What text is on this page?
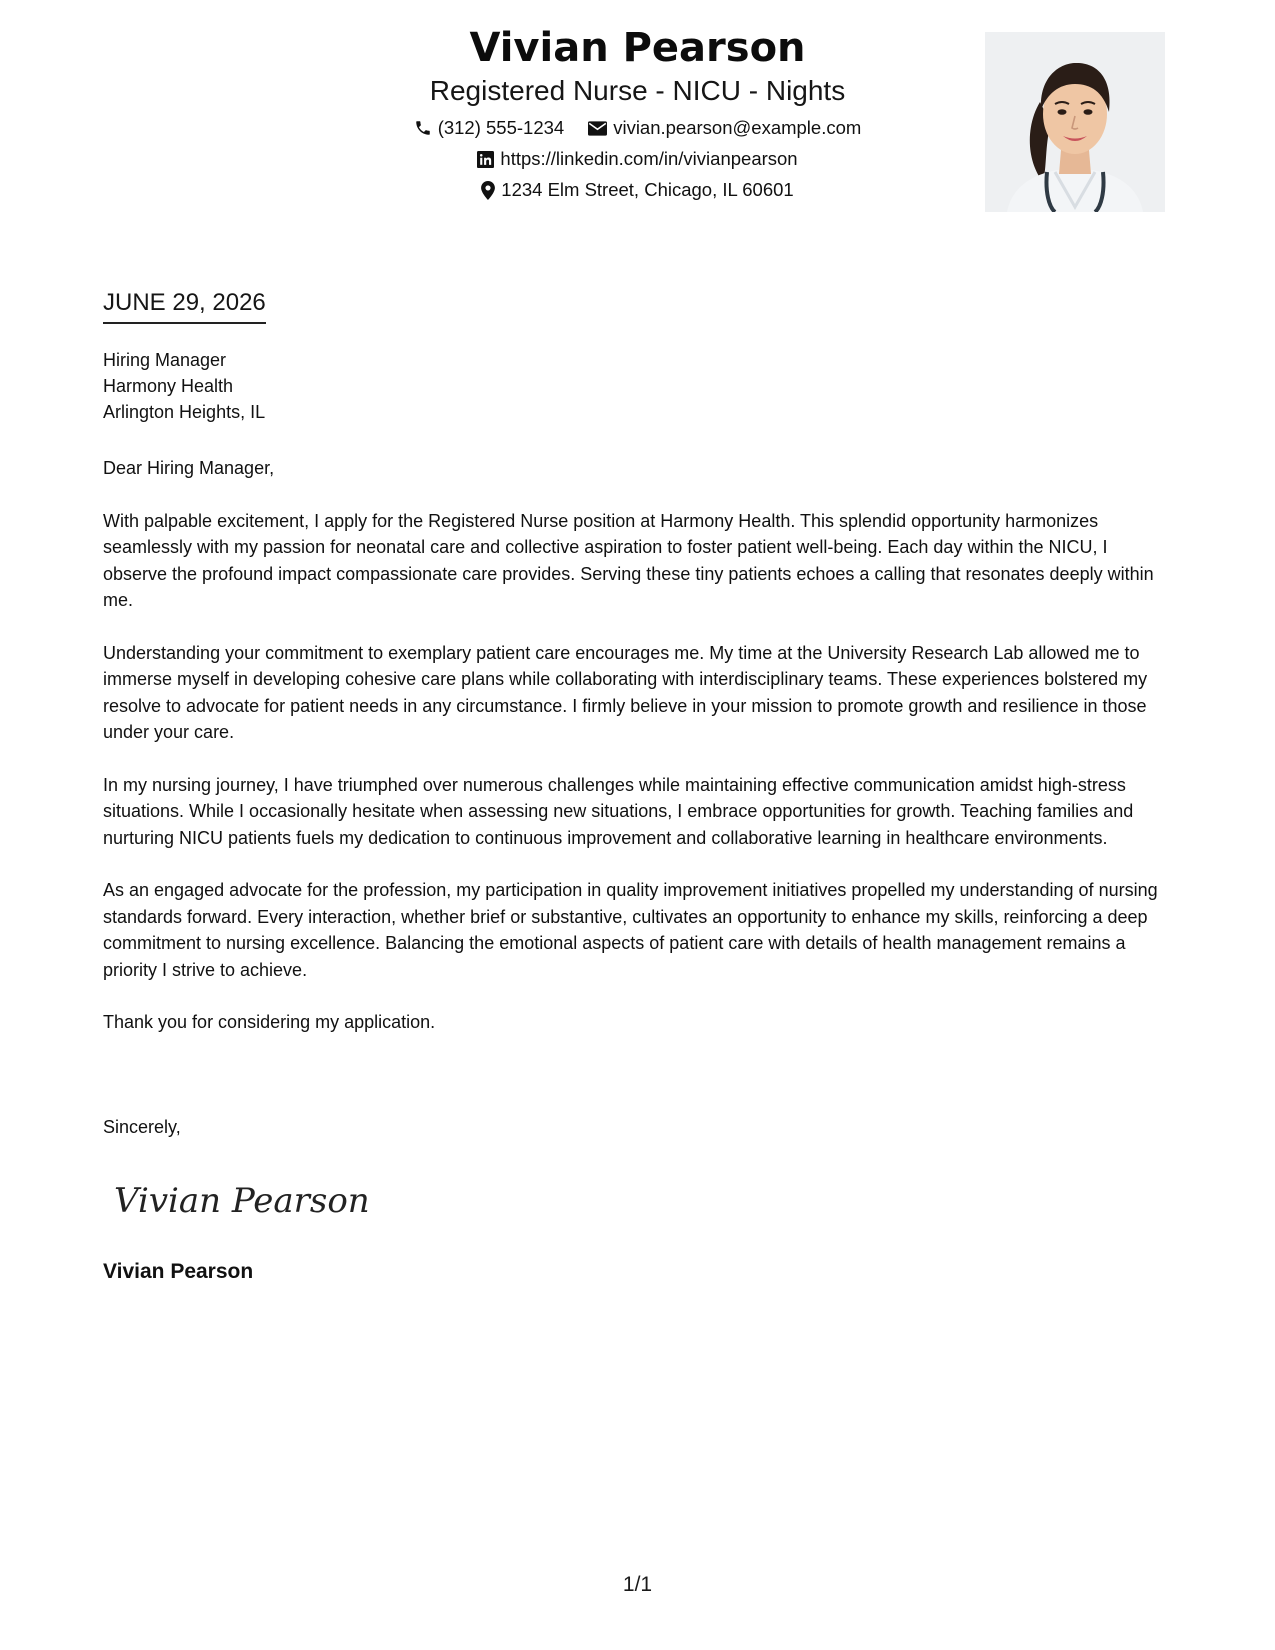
Vivian Pearson
Registered Nurse - NICU - Nights
(312) 555-1234	vivian.pearson@example.com
https://linkedin.com/in/vivianpearson
1234 Elm Street, Chicago, IL 60601
JUNE 29, 2026
Hiring Manager
Harmony Health
Arlington Heights, IL

Dear Hiring Manager,

With palpable excitement, I apply for the Registered Nurse position at Harmony Health. This splendid opportunity harmonizes seamlessly with my passion for neonatal care and collective aspiration to foster patient well-being. Each day within the NICU, I observe the profound impact compassionate care provides. Serving these tiny patients echoes a calling that resonates deeply within me.

Understanding your commitment to exemplary patient care encourages me. My time at the University Research Lab allowed me to immerse myself in developing cohesive care plans while collaborating with interdisciplinary teams. These experiences bolstered my resolve to advocate for patient needs in any circumstance. I firmly believe in your mission to promote growth and resilience in those under your care.

In my nursing journey, I have triumphed over numerous challenges while maintaining effective communication amidst high-stress situations. While I occasionally hesitate when assessing new situations, I embrace opportunities for growth. Teaching families and nurturing NICU patients fuels my dedication to continuous improvement and collaborative learning in healthcare environments.

As an engaged advocate for the profession, my participation in quality improvement initiatives propelled my understanding of nursing standards forward. Every interaction, whether brief or substantive, cultivates an opportunity to enhance my skills, reinforcing a deep commitment to nursing excellence. Balancing the emotional aspects of patient care with details of health management remains a priority I strive to achieve.

Thank you for considering my application.

Sincerely,
Vivian Pearson
Vivian Pearson
1/1
